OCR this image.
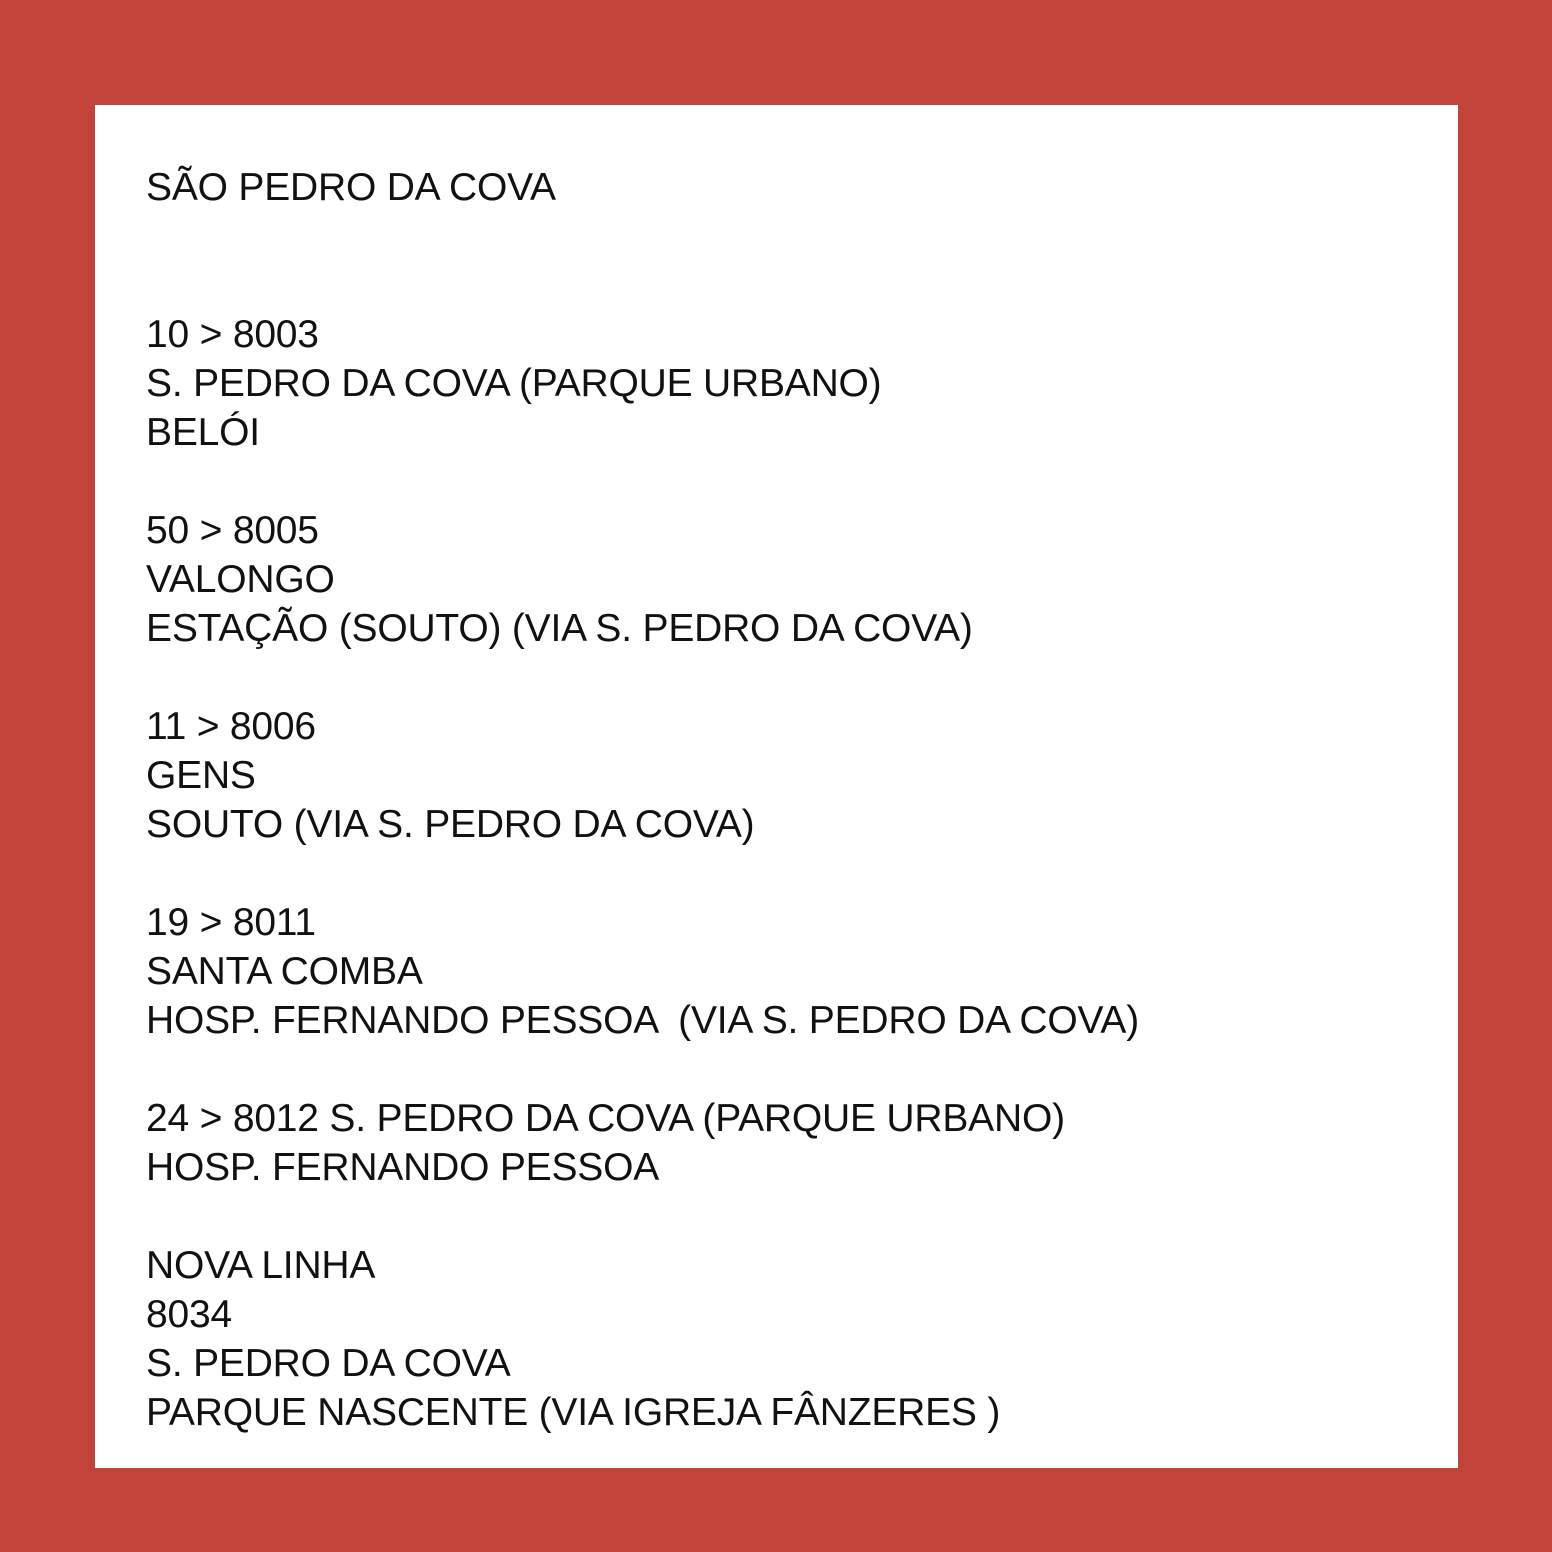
SÃO PEDRO DA COVA
10 > 8003
S. PEDRO DA COVA (PARQUE URBANO)
BELÓI
50 > 8005
VALONGO
ESTAÇÃO (SOUTO) (VIA S. PEDRO DA COVA)
11 > 8006
GENS
SOUTO (VIA S. PEDRO DA COVA)
19 > 8011
SANTA COMBA
HOSP. FERNANDO PESSOA  (VIA S. PEDRO DA COVA)
24 > 8012 S. PEDRO DA COVA (PARQUE URBANO)
HOSP. FERNANDO PESSOA
NOVA LINHA
8034
S. PEDRO DA COVA
PARQUE NASCENTE (VIA IGREJA FÂNZERES )
